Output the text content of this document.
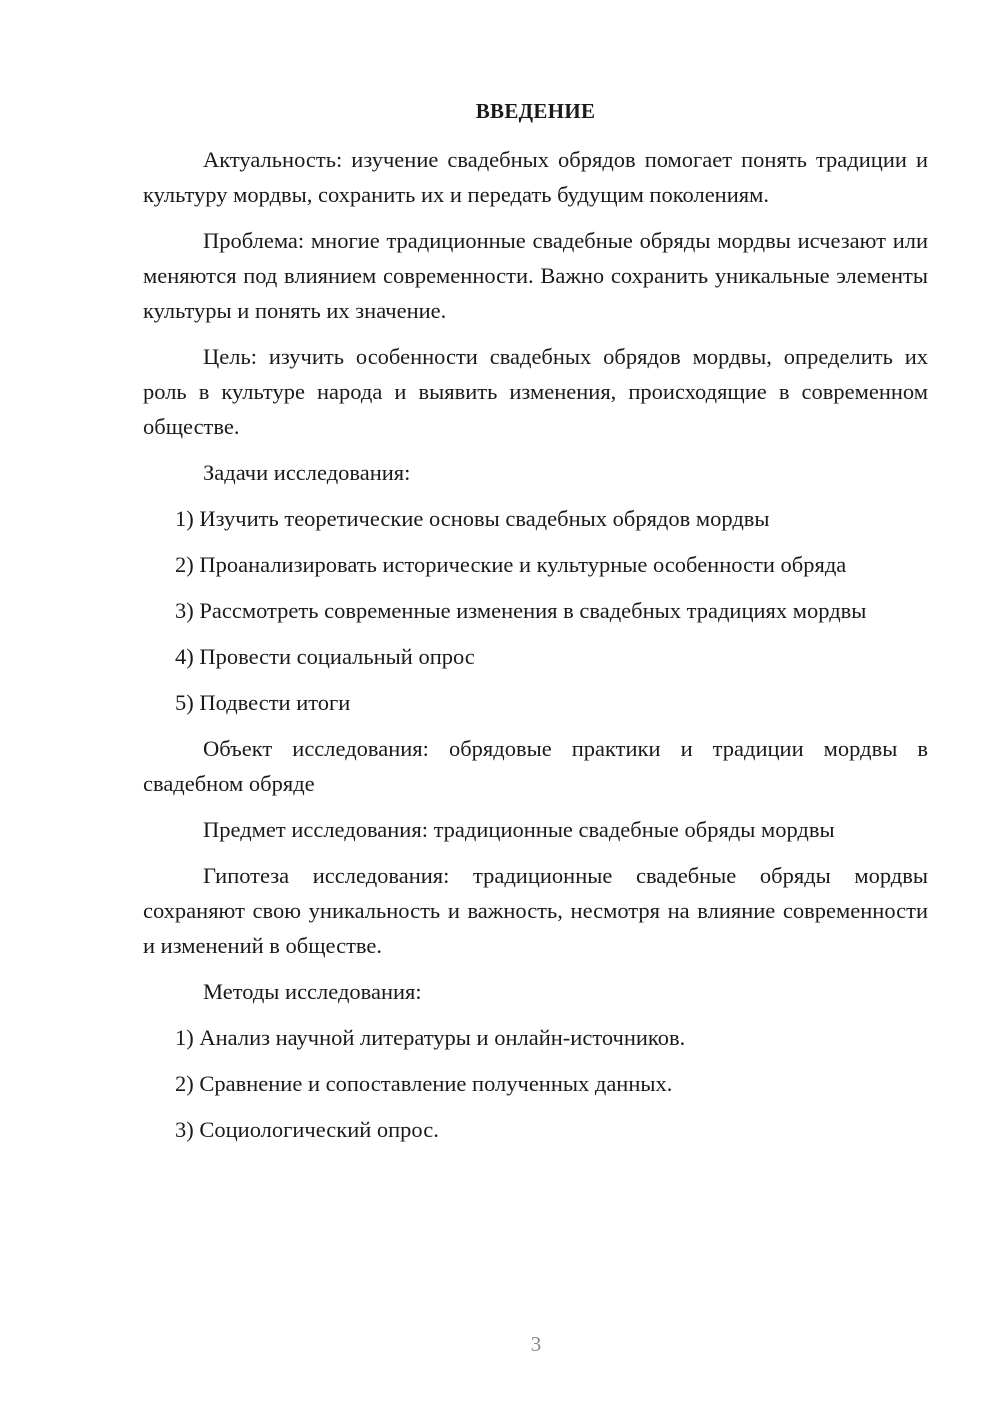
ВВЕДЕНИЕ

Актуальность: изучение свадебных обрядов помогает понять традиции и культуру мордвы, сохранить их и передать будущим поколениям.

Проблема: многие традиционные свадебные обряды мордвы исчезают или меняются под влиянием современности. Важно сохранить уникальные элементы культуры и понять их значение.

Цель: изучить особенности свадебных обрядов мордвы, определить их роль в культуре народа и выявить изменения, происходящие в современном обществе.

Задачи исследования:

1) Изучить теоретические основы свадебных обрядов мордвы

2) Проанализировать исторические и культурные особенности обряда

3) Рассмотреть современные изменения в свадебных традициях мордвы

4) Провести социальный опрос

5) Подвести итоги

Объект исследования: обрядовые практики и традиции мордвы в свадебном обряде

Предмет исследования: традиционные свадебные обряды мордвы

Гипотеза исследования: традиционные свадебные обряды мордвы сохраняют свою уникальность и важность, несмотря на влияние современности и изменений в обществе.

Методы исследования:

1) Анализ научной литературы и онлайн-источников.

2) Сравнение и сопоставление полученных данных.

3) Социологический опрос.

3
